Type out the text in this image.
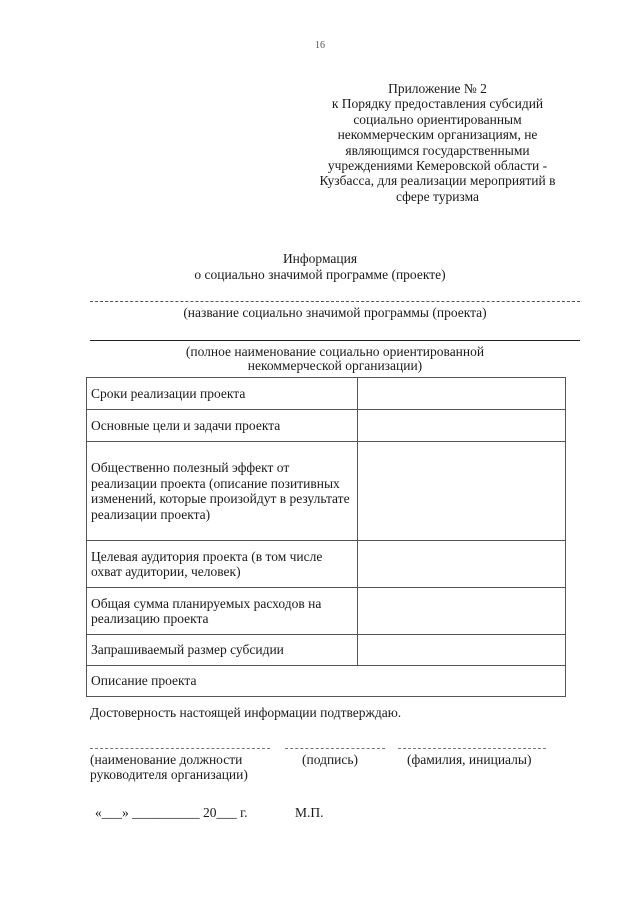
16
Приложение № 2
к Порядку предоставления субсидий
социально ориентированным
некоммерческим организациям, не
являющимся государственными
учреждениями Кемеровской области -
Кузбасса, для реализации мероприятий в
сфере туризма
Информация
о социально значимой программе (проекте)
(название социально значимой программы (проекта)
(полное наименование социально ориентированной
некоммерческой организации)
Сроки реализации проекта	
Основные цели и задачи проекта	
Общественно полезный эффект от реализации проекта (описание позитивных изменений, которые произойдут в результате реализации проекта)	
Целевая аудитория проекта (в том числе охват аудитории, человек)	
Общая сумма планируемых расходов на реализацию проекта	
Запрашиваемый размер субсидии	
Описание проекта	
Достоверность настоящей информации подтверждаю.
(наименование должности
руководителя организации)
(подпись)	(фамилия, инициалы)
«___» __________ 20___ г.	М.П.
